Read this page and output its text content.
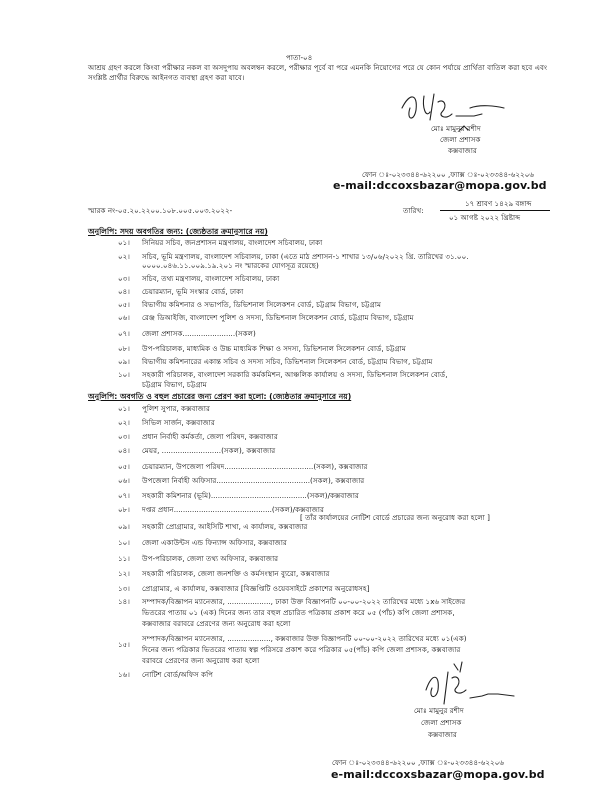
পাতা-০৪
আশ্রয় গ্রহণ করলে কিংবা পরীক্ষার নকল বা অসদুপায় অবলম্বন করলে, পরীক্ষার পূর্বে বা পরে এমনকি নিয়োগের পরে যে কোন পর্যায়ে প্রার্থিতা বাতিল করা হবে এবং সংশ্লিষ্ট প্রার্থীর বিরুদ্ধে আইনগত ব্যবস্থা গ্রহণ করা যাবে।
মোঃ মামুনুর রশীদ
জেলা প্রশাসক
কক্সবাজার
ফোন ঃ-০২৩৩৪৪-৬২২০০ ,ফ্যাক্স ঃ-০২৩৩৪৪-৬২২০৬
e-mail:dccoxsbazar@mopa.gov.bd
স্মারক নং-০৫.২০.২২০০.১০৮.০০৫.০০৩.২০২২-	তারিখ:
১৭ শ্রাবণ ১৪২৯ বঙ্গাব্দ
০১ আগষ্ট ২০২২ খ্রিষ্টাব্দ
অনুলিপি: সদয় অবগতির জন্য: (জ্যেষ্ঠতার ক্রমানুসারে নয়)
০১। সিনিয়র সচিব, জনপ্রশাসন মন্ত্রণালয়, বাংলাদেশ সচিবালয়, ঢাকা
০২। সচিব, ভূমি মন্ত্রণালয়, বাংলাদেশ সচিবালয়, ঢাকা (এতে মাঠ প্রশাসন-১ শাখার ১৩/০৬/২০২২ খ্রি. তারিখের ৩১.০০.
০০০০.০৪৬.১১.০০৯.১৯.২০১ নং স্মারকের যোগসূত্র রয়েছে)
০৩। সচিব, তথ্য মন্ত্রণালয়, বাংলাদেশ সচিবালয়, ঢাকা
০৪। চেয়ারম্যান, ভূমি সংস্কার বোর্ড, ঢাকা
০৫। বিভাগীয় কমিশনার ও সভাপতি, ডিভিশনাল সিলেকশন বোর্ড, চট্টগ্রাম বিভাগ, চট্টগ্রাম
০৬। রেঞ্জ ডিআইজি, বাংলাদেশ পুলিশ ও সদস্য, ডিভিশনাল সিলেকশন বোর্ড, চট্টগ্রাম বিভাগ, চট্টগ্রাম
০৭। জেলা প্রশাসক.......................(সকল)
০৮। উপ-পরিচালক, মাধ্যমিক ও উচ্চ মাধ্যমিক শিক্ষা ও সদস্য, ডিভিশনাল সিলেকশন বোর্ড, চট্টগ্রাম
০৯। বিভাগীয় কমিশনারের একান্ত সচিব ও সদস্য সচিব, ডিভিশনাল সিলেকশন বোর্ড, চট্টগ্রাম বিভাগ, চট্টগ্রাম
১০। সহকারী পরিচালক, বাংলাদেশ সরকারি কর্মকমিশন, আঞ্চলিক কার্যালয় ও সদস্য, ডিভিশনাল সিলেকশন বোর্ড,
চট্টগ্রাম বিভাগ, চট্টগ্রাম
অনুলিপি: অবগতি ও বহুল প্রচারের জন্য প্রেরণ করা হলো: (জ্যেষ্ঠতার ক্রমানুসারে নয়)
০১। পুলিশ সুপার, কক্সবাজার
০২। সিভিল সার্জন, কক্সবাজার
০৩। প্রধান নির্বাহী কর্মকর্তা, জেলা পরিষদ, কক্সবাজার
০৪। মেয়র, ..........................(সকল), কক্সবাজার
০৫। চেয়ারম্যান, উপজেলা পরিষদ.......................................(সকল), কক্সবাজার
০৬। উপজেলা নির্বাহী অফিসার.........................................(সকল), কক্সবাজার
০৭। সহকারী কমিশনার (ভূমি)..........................................(সকল)/কক্সবাজার
০৮। দপ্তর প্রধান...........................................(সকল)/কক্সবাজার
০৯। সহকারী প্রোগ্রামার, আইসিটি শাখা, এ কার্যালয়, কক্সবাজার
[ তাঁর কার্যালয়ের নোটিশ বোর্ডে প্রচারের জন্য অনুরোধ করা হলো ]
১০। জেলা একাউন্টস এন্ড ফিন্যান্স অফিসার, কক্সবাজার
১১। উপ-পরিচালক, জেলা তথ্য অফিসার, কক্সবাজার
১২। সহকারী পরিচালক, জেলা জনশক্তি ও কর্মসংস্থান ব্যুরো, কক্সবাজার
১৩। প্রোগ্রামার, এ কার্যালয়, কক্সবাজার [বিজ্ঞপ্তিটি ওয়েবসাইটে প্রকাশের অনুরোধসহ]
১৪। সম্পাদক/বিজ্ঞাপন ম্যানেজার, ..................., ঢাকা উক্ত বিজ্ঞাপনটি ০০-০০-২০২২ তারিখের মধ্যে ১x৬ সাইজের
ভিতরের পাতায় ০১ (এক) দিনের জন্য তার বহুল প্রচারিত পত্রিকায় প্রকাশ করে ০৫ (পাঁচ) কপি জেলা প্রশাসক,
কক্সবাজার বরাবরে প্রেরণের জন্য অনুরোধ করা হলো
১৫।
সম্পাদক/বিজ্ঞাপন ম্যানেজার, ..................., কক্সবাজার উক্ত বিজ্ঞাপনটি ০০-০০-২০২২ তারিখের মধ্যে ০১(এক)
দিনের জন্য পত্রিকার ভিতরের পাতায় স্বল্প পরিসরে প্রকাশ করে পত্রিকার ০৫(পাঁচ) কপি জেলা প্রশাসক, কক্সবাজার
বরাবরে প্রেরণের জন্য অনুরোধ করা হলো
১৬। নোটিশ বোর্ড/অফিস কপি
মোঃ মামুনুর রশীদ
জেলা প্রশাসক
কক্সবাজার
ফোন ঃ-০২৩৩৪৪-৬২২০০ ,ফ্যাক্স ঃ-০২৩৩৪৪-৬২২০৬
e-mail:dccoxsbazar@mopa.gov.bd
